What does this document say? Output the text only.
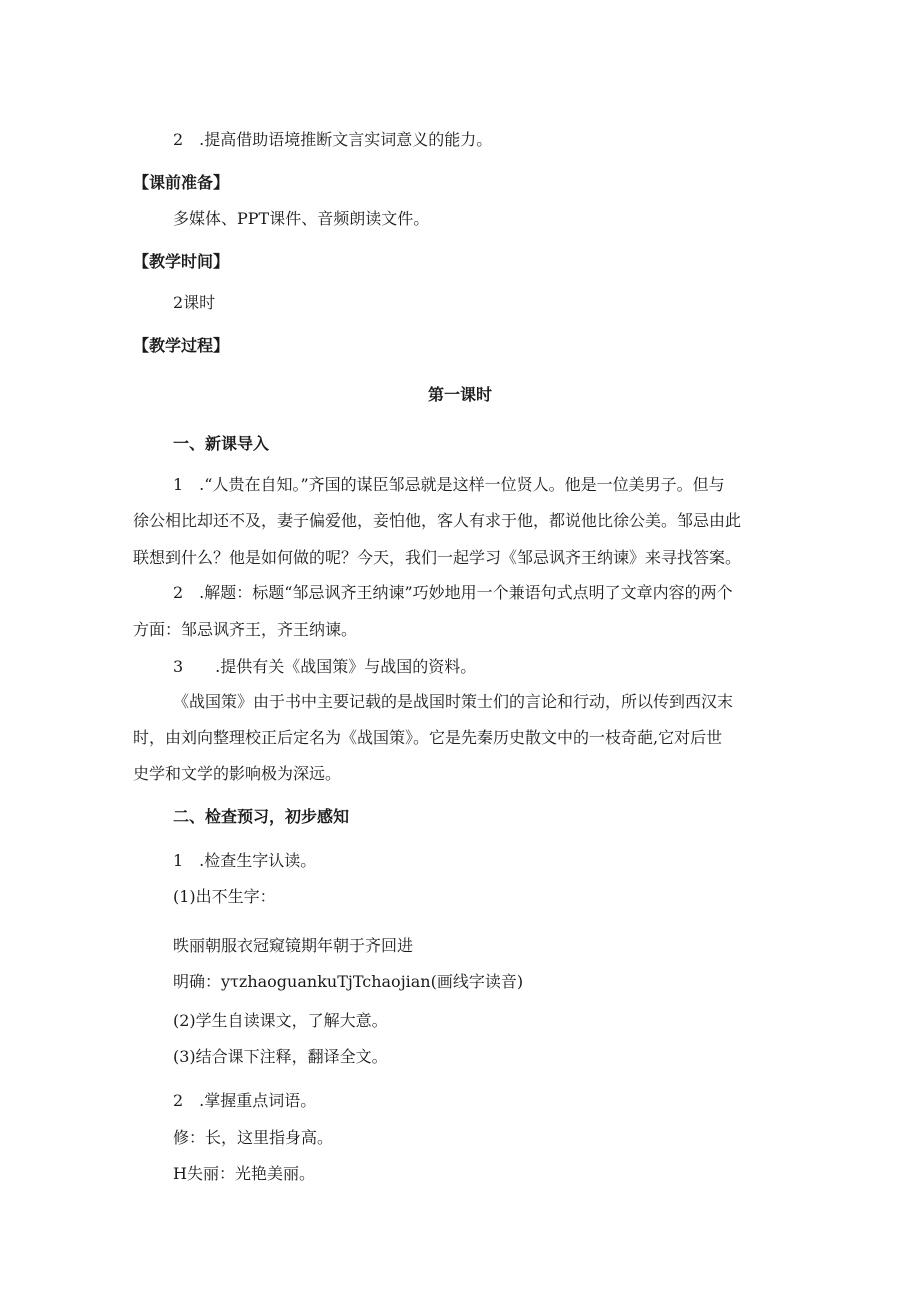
2　.提高借助语境推断文言实词意义的能力。
【课前准备】
多媒体、PPT课件、音频朗读文件。
【教学时间】
2课时
【教学过程】
第一课时
一、新课导入
1　.“人贵在自知。”齐国的谋臣邹忌就是这样一位贤人。他是一位美男子。但与
徐公相比却还不及，妻子偏爱他，妾怕他，客人有求于他，都说他比徐公美。邹忌由此
联想到什么？他是如何做的呢？今天，我们一起学习《邹忌讽齐王纳谏》来寻找答案。
2　.解题：标题“邹忌讽齐王纳谏”巧妙地用一个兼语句式点明了文章内容的两个
方面：邹忌讽齐王，齐王纳谏。
3　　.提供有关《战国策》与战国的资料。
《战国策》由于书中主要记载的是战国时策士们的言论和行动，所以传到西汉末
时，由刘向整理校正后定名为《战国策》。它是先秦历史散文中的一枝奇葩,它对后世
史学和文学的影响极为深远。
二、检查预习，初步感知
1　.检查生字认读。
(1)出不生字：
昳丽朝服衣冠窥镜期年朝于齐回进
明确：yτzhaoguankuTjTchaojian(画线字读音)
(2)学生自读课文，了解大意。
(3)结合课下注释，翻译全文。
2　.掌握重点词语。
修：长，这里指身高。
H失丽：光艳美丽。
